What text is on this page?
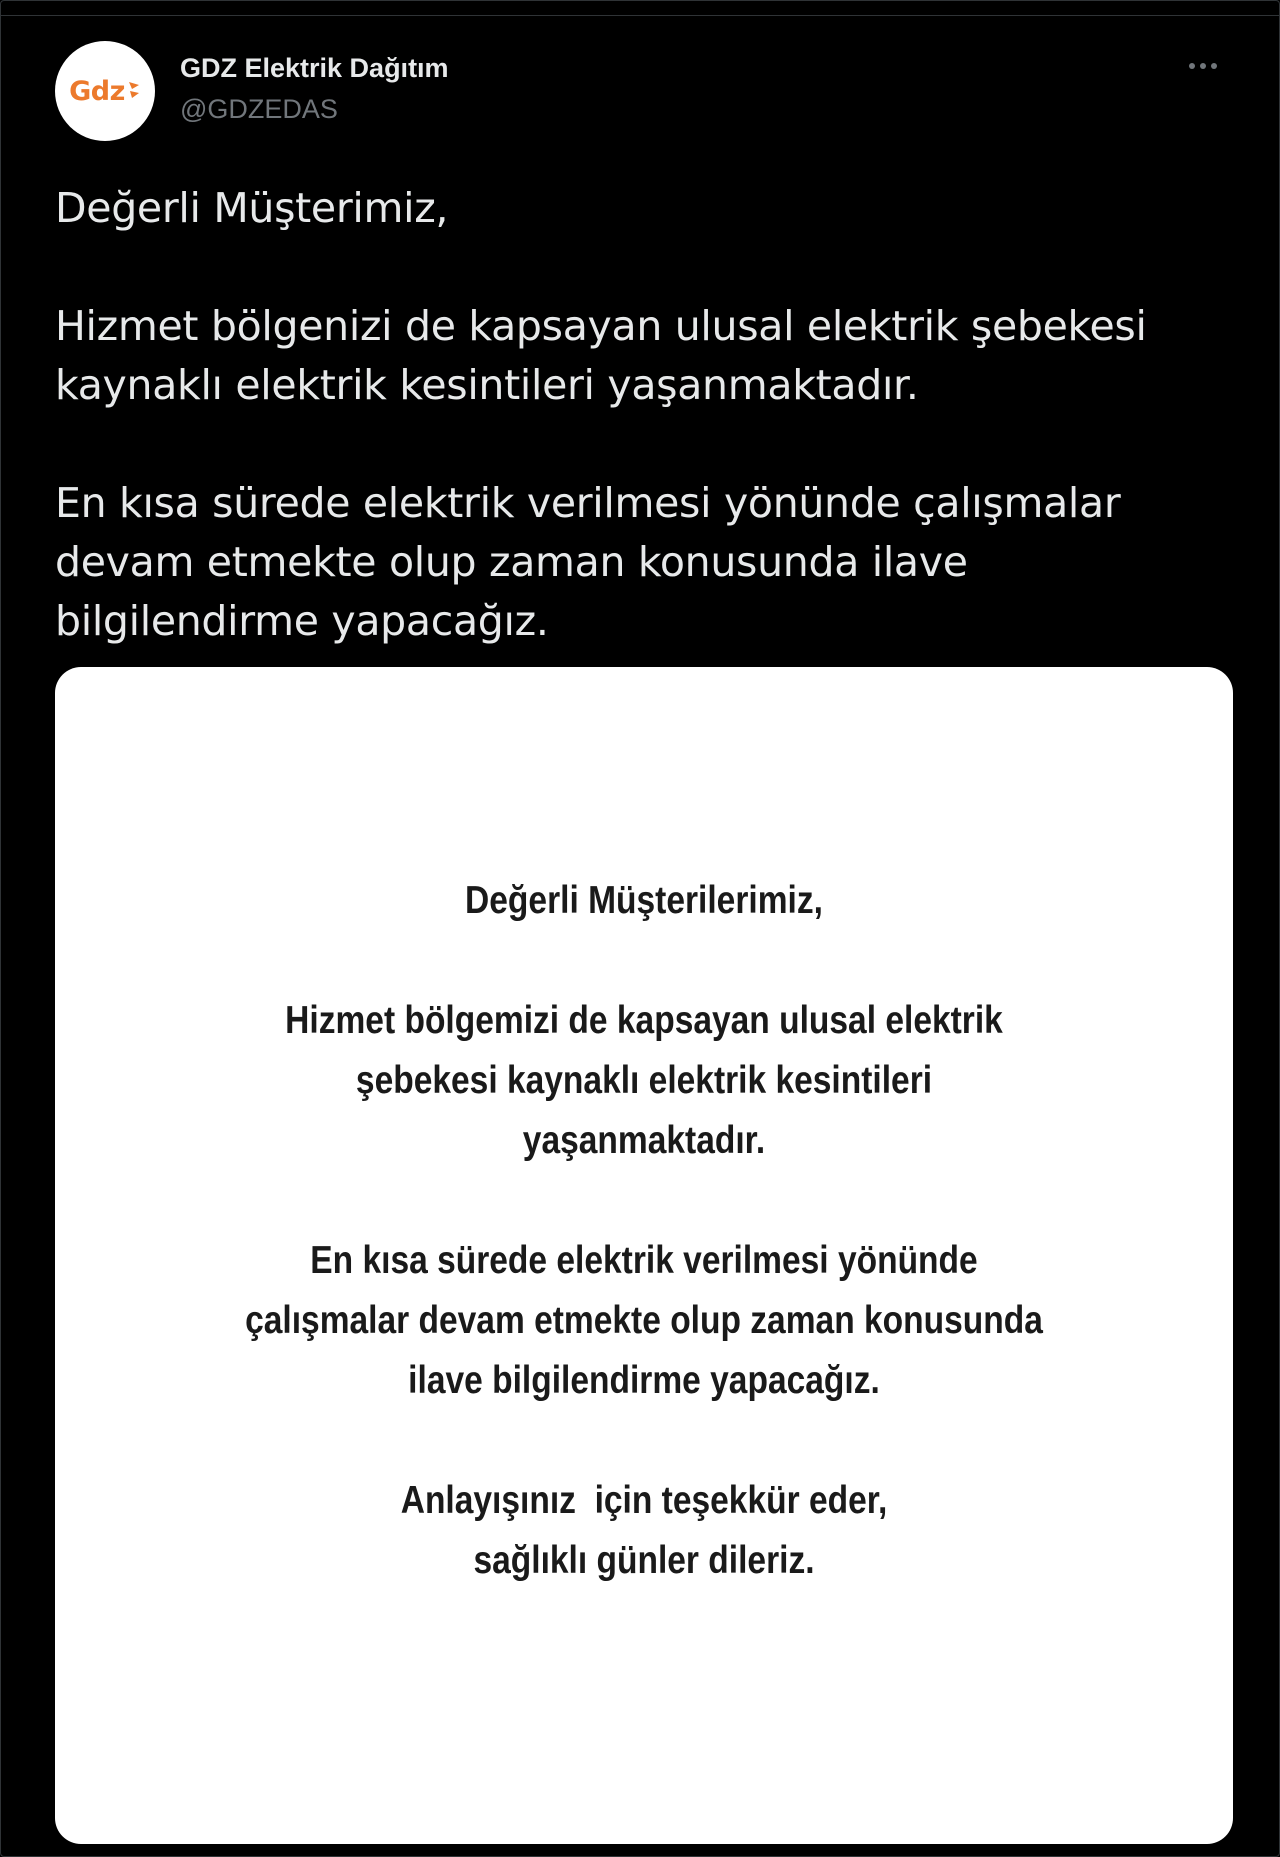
Gdz
GDZ Elektrik Dağıtım
@GDZEDAS

Değerli Müşterimiz,

Hizmet bölgenizi de kapsayan ulusal elektrik şebekesi
kaynaklı elektrik kesintileri yaşanmaktadır.

En kısa sürede elektrik verilmesi yönünde çalışmalar
devam etmekte olup zaman konusunda ilave
bilgilendirme yapacağız.

Değerli Müşterilerimiz,

Hizmet bölgemizi de kapsayan ulusal elektrik
şebekesi kaynaklı elektrik kesintileri
yaşanmaktadır.

En kısa sürede elektrik verilmesi yönünde
çalışmalar devam etmekte olup zaman konusunda
ilave bilgilendirme yapacağız.

Anlayışınız  için teşekkür eder,
sağlıklı günler dileriz.
